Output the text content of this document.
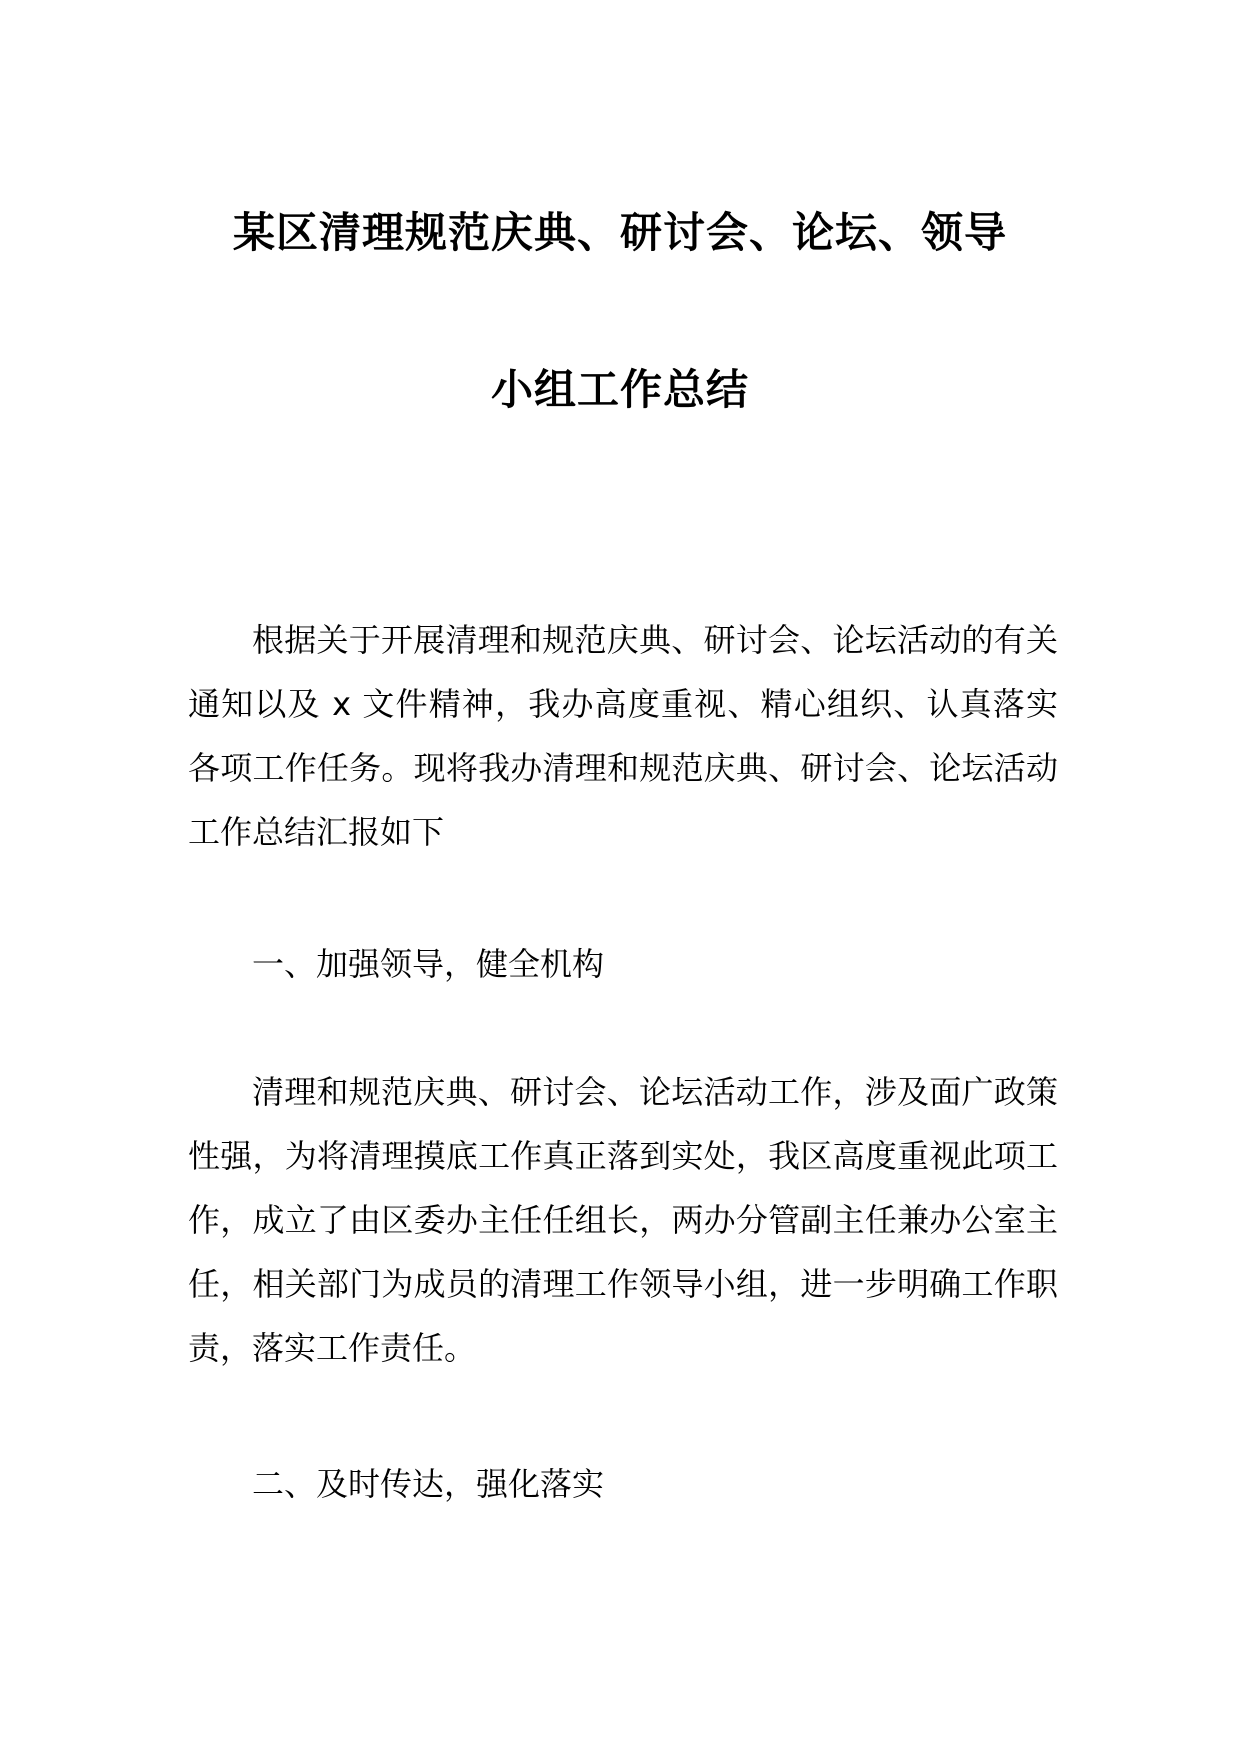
某区清理规范庆典、研讨会、论坛、领导
小组工作总结

根据关于开展清理和规范庆典、研讨会、论坛活动的有关通知以及 x 文件精神，我办高度重视、精心组织、认真落实各项工作任务。现将我办清理和规范庆典、研讨会、论坛活动工作总结汇报如下

一、加强领导，健全机构

清理和规范庆典、研讨会、论坛活动工作，涉及面广政策性强，为将清理摸底工作真正落到实处，我区高度重视此项工作，成立了由区委办主任任组长，两办分管副主任兼办公室主任，相关部门为成员的清理工作领导小组，进一步明确工作职责，落实工作责任。

二、及时传达，强化落实
